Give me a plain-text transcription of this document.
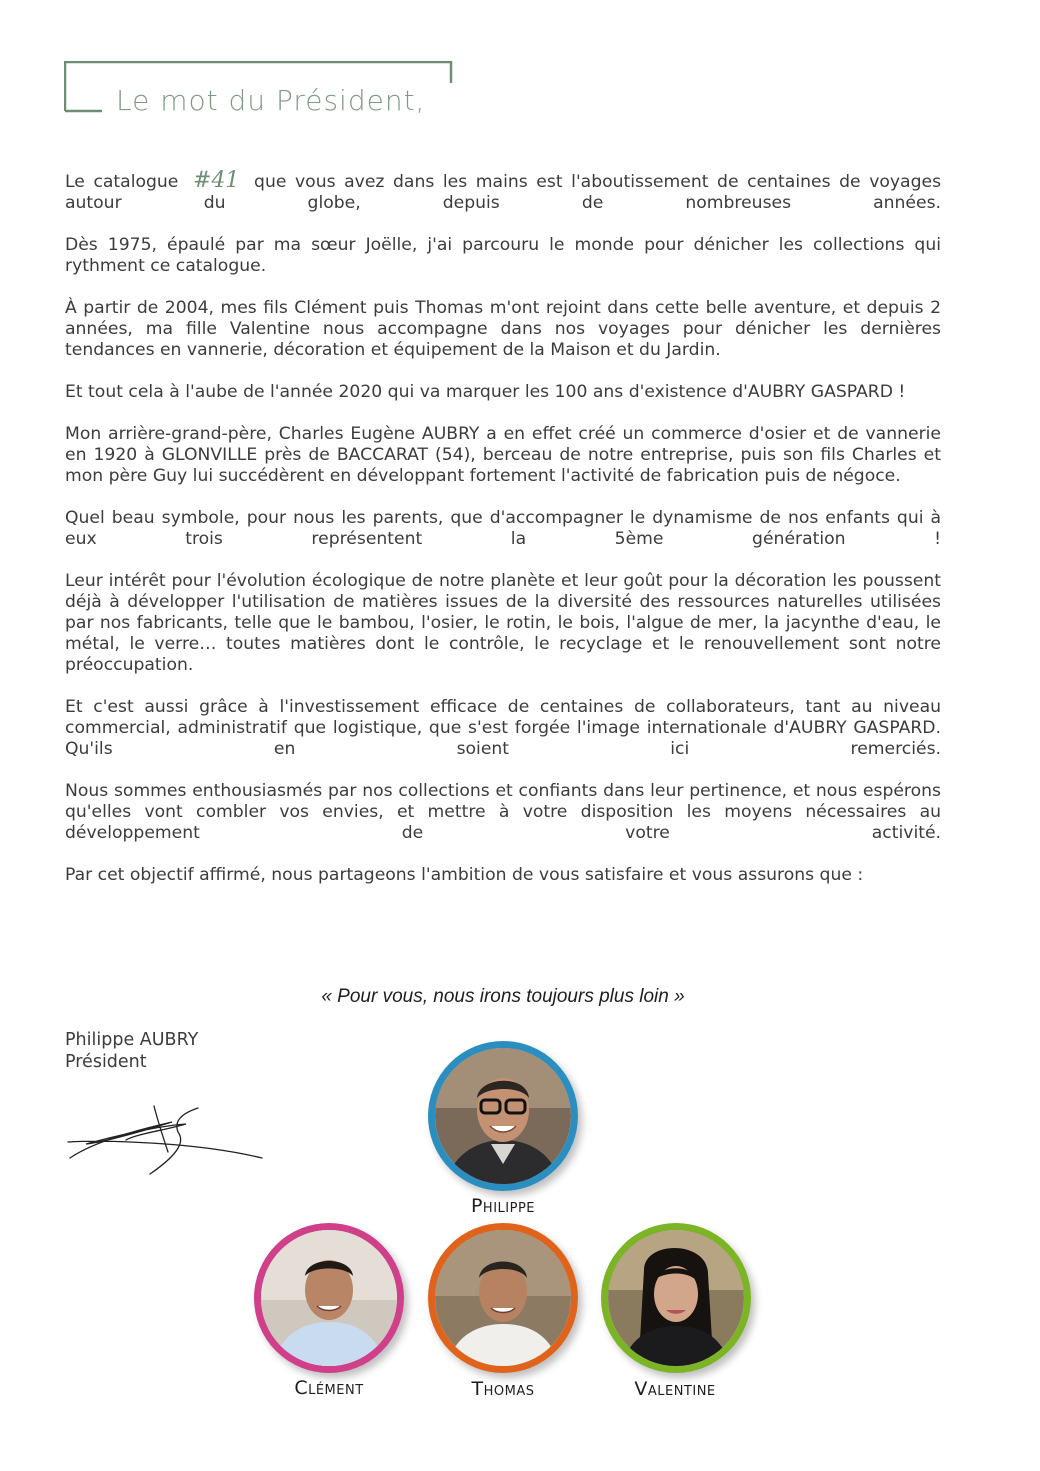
Le mot du Président,

Le catalogue #41 que vous avez dans les mains est l'aboutissement de centaines de voyages autour du globe, depuis de nombreuses années.

Dès 1975, épaulé par ma sœur Joëlle, j'ai parcouru le monde pour dénicher les collections qui rythment ce catalogue.

À partir de 2004, mes fils Clément puis Thomas m'ont rejoint dans cette belle aventure, et depuis 2 années, ma fille Valentine nous accompagne dans nos voyages pour dénicher les dernières tendances en vannerie, décoration et équipement de la Maison et du Jardin.

Et tout cela à l'aube de l'année 2020 qui va marquer les 100 ans d'existence d'AUBRY GASPARD !

Mon arrière-grand-père, Charles Eugène AUBRY a en effet créé un commerce d'osier et de vannerie en 1920 à GLONVILLE près de BACCARAT (54), berceau de notre entreprise, puis son fils Charles et mon père Guy lui succédèrent en développant fortement l'activité de fabrication puis de négoce.

Quel beau symbole, pour nous les parents, que d'accompagner le dynamisme de nos enfants qui à eux trois représentent la 5ème génération !

Leur intérêt pour l'évolution écologique de notre planète et leur goût pour la décoration les poussent déjà à développer l'utilisation de matières issues de la diversité des ressources naturelles utilisées par nos fabricants, telle que le bambou, l'osier, le rotin, le bois, l'algue de mer, la jacynthe d'eau, le métal, le verre… toutes matières dont le contrôle, le recyclage et le renouvellement sont notre préoccupation.

Et c'est aussi grâce à l'investissement efficace de centaines de collaborateurs, tant au niveau commercial, administratif que logistique, que s'est forgée l'image internationale d'AUBRY GASPARD. Qu'ils en soient ici remerciés.

Nous sommes enthousiasmés par nos collections et confiants dans leur pertinence, et nous espérons qu'elles vont combler vos envies, et mettre à votre disposition les moyens nécessaires au développement de votre activité.

Par cet objectif affirmé, nous partageons l'ambition de vous satisfaire et vous assurons que :

« Pour vous, nous irons toujours plus loin »
Philippe AUBRY
Président
Philippe
Clément	Thomas	Valentine
